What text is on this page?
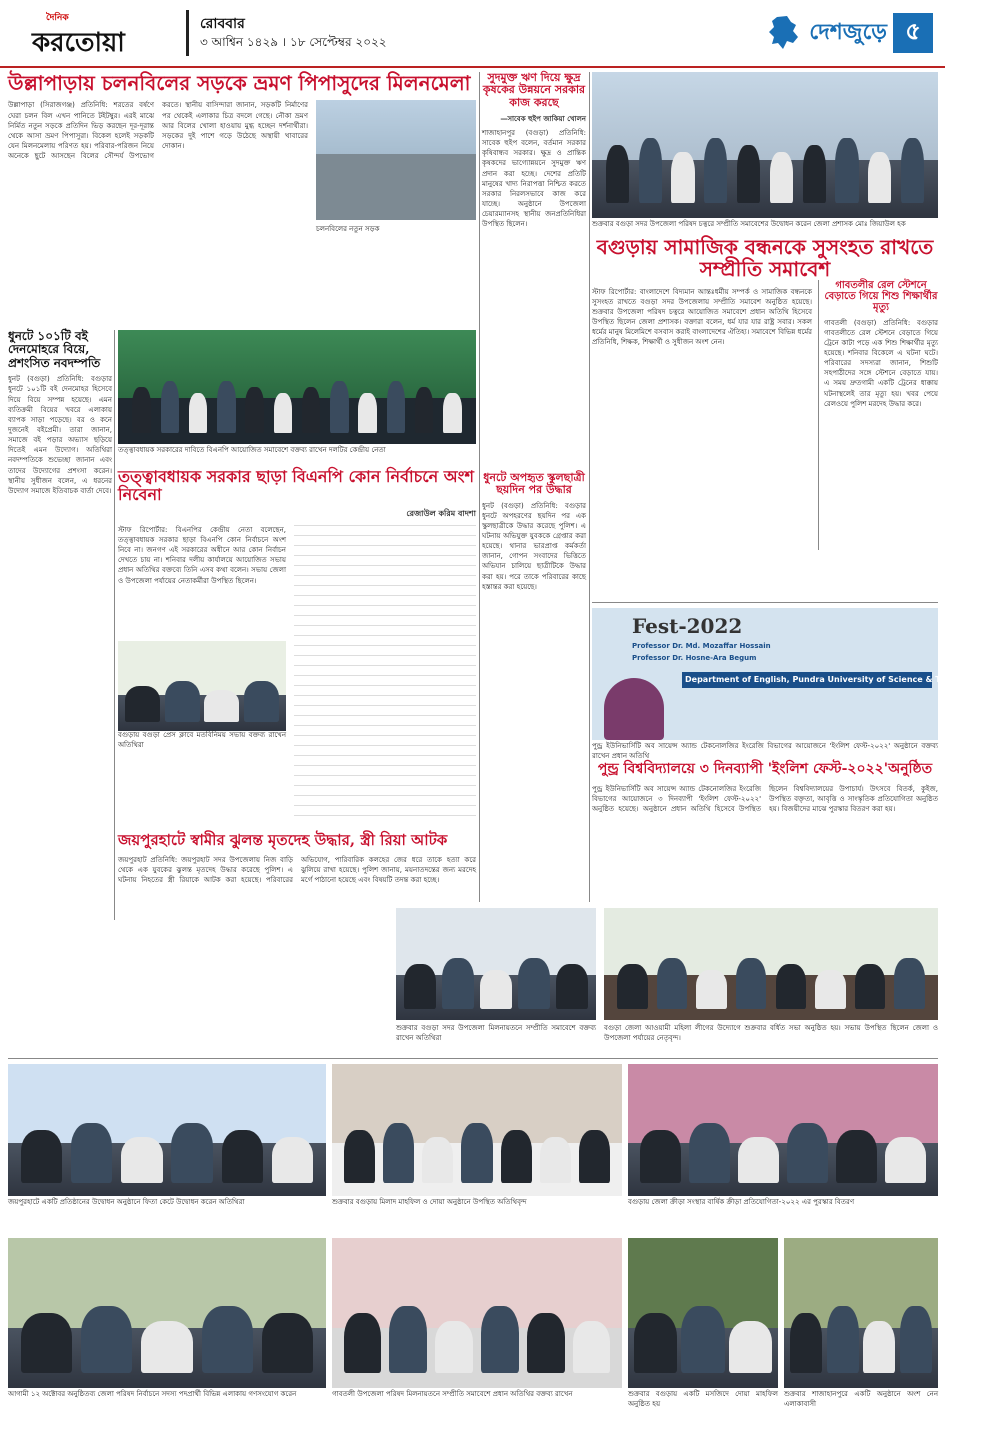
দৈনিক
করতোয়া
রোববার
৩ আশ্বিন ১৪২৯ । ১৮ সেপ্টেম্বর ২০২২	দেশজুড়ে ৫
উল্লাপাড়ায় চলনবিলের সড়কে ভ্রমণ পিপাসুদের মিলনমেলা

উল্লাপাড়া (সিরাজগঞ্জ) প্রতিনিধি: শরতের বর্ষণে ঘেরা চলন বিল এখন পানিতে টইটম্বুর। এরই মাঝে নির্মিত নতুন সড়কে প্রতিদিন ভিড় করছেন দূর-দূরান্ত থেকে আসা ভ্রমণ পিপাসুরা। বিকেল হলেই সড়কটি যেন মিলনমেলায় পরিণত হয়। পরিবার-পরিজন নিয়ে অনেকে ছুটে আসছেন বিলের সৌন্দর্য উপভোগ করতে। স্থানীয় বাসিন্দারা জানান, সড়কটি নির্মাণের পর থেকেই এলাকার চিত্র বদলে গেছে। নৌকা ভ্রমণ আর বিলের খোলা হাওয়ায় মুগ্ধ হচ্ছেন দর্শনার্থীরা। সড়কের দুই পাশে গড়ে উঠেছে অস্থায়ী খাবারের দোকান।

চলনবিলের নতুন সড়ক

সুদমুক্ত ঋণ দিয়ে ক্ষুদ্র কৃষকের উন্নয়নে সরকার কাজ করছে
—সাবেক হুইপ জাকিয়া খোলন

শাজাহানপুর (বগুড়া) প্রতিনিধি: সাবেক হুইপ বলেন, বর্তমান সরকার কৃষিবান্ধব সরকার। ক্ষুদ্র ও প্রান্তিক কৃষকদের ভাগ্যোন্নয়নে সুদমুক্ত ঋণ প্রদান করা হচ্ছে। দেশের প্রতিটি মানুষের খাদ্য নিরাপত্তা নিশ্চিত করতে সরকার নিরলসভাবে কাজ করে যাচ্ছে। অনুষ্ঠানে উপজেলা চেয়ারম্যানসহ স্থানীয় জনপ্রতিনিধিরা উপস্থিত ছিলেন।	শুক্রবার বগুড়া সদর উপজেলা পরিষদ চত্বরে সম্প্রীতি সমাবেশের উদ্বোধন করেন জেলা প্রশাসক মোঃ জিয়াউল হক

বগুড়ায় সামাজিক বন্ধনকে সুসংহত রাখতে সম্প্রীতি সমাবেশ

স্টাফ রিপোর্টার: বাংলাদেশে বিদ্যমান আন্তঃধর্মীয় সম্পর্ক ও সামাজিক বন্ধনকে সুসংহত রাখতে বগুড়া সদর উপজেলায় সম্প্রীতি সমাবেশ অনুষ্ঠিত হয়েছে। শুক্রবার উপজেলা পরিষদ চত্বরে আয়োজিত সমাবেশে প্রধান অতিথি হিসেবে উপস্থিত ছিলেন জেলা প্রশাসক। বক্তারা বলেন, ধর্ম যার যার রাষ্ট্র সবার। সকল ধর্মের মানুষ মিলেমিশে বসবাস করাই বাংলাদেশের ঐতিহ্য। সমাবেশে বিভিন্ন ধর্মের প্রতিনিধি, শিক্ষক, শিক্ষার্থী ও সুধীজন অংশ নেন।

গাবতলীর রেল স্টেশনে বেড়াতে গিয়ে শিশু শিক্ষার্থীর মৃত্যু

গাবতলী (বগুড়া) প্রতিনিধি: বগুড়ার গাবতলীতে রেল স্টেশনে বেড়াতে গিয়ে ট্রেনে কাটা পড়ে এক শিশু শিক্ষার্থীর মৃত্যু হয়েছে। শনিবার বিকেলে এ ঘটনা ঘটে। পরিবারের সদস্যরা জানান, শিশুটি সহপাঠীদের সঙ্গে স্টেশনে বেড়াতে যায়। এ সময় দ্রুতগামী একটি ট্রেনের ধাক্কায় ঘটনাস্থলেই তার মৃত্যু হয়। খবর পেয়ে রেলওয়ে পুলিশ মরদেহ উদ্ধার করে।

ধুনটে ১০১টি বই দেনমোহরে বিয়ে, প্রশংসিত নবদম্পতি

ধুনট (বগুড়া) প্রতিনিধি: বগুড়ার ধুনটে ১০১টি বই দেনমোহর হিসেবে দিয়ে বিয়ে সম্পন্ন হয়েছে। এমন ব্যতিক্রমী বিয়ের খবরে এলাকায় ব্যাপক সাড়া পড়েছে। বর ও কনে দুজনেই বইপ্রেমী। তারা জানান, সমাজে বই পড়ার অভ্যাস ছড়িয়ে দিতেই এমন উদ্যোগ। অতিথিরা নবদম্পতিকে শুভেচ্ছা জানান এবং তাদের উদ্যোগের প্রশংসা করেন। স্থানীয় সুধীজন বলেন, এ ধরনের উদ্যোগ সমাজে ইতিবাচক বার্তা দেবে।

তত্ত্বাবধায়ক সরকারের দাবিতে বিএনপি আয়োজিত সমাবেশে বক্তব্য রাখেন দলটির কেন্দ্রীয় নেতা

তত্ত্বাবধায়ক সরকার ছাড়া বিএনপি কোন নির্বাচনে অংশ নিবেনা
রেজাউল করিম বাদশা

স্টাফ রিপোর্টার: বিএনপির কেন্দ্রীয় নেতা বলেছেন, তত্ত্বাবধায়ক সরকার ছাড়া বিএনপি কোন নির্বাচনে অংশ নিবে না। জনগণ এই সরকারের অধীনে আর কোন নির্বাচন দেখতে চায় না। শনিবার দলীয় কার্যালয়ে আয়োজিত সভায় প্রধান অতিথির বক্তব্যে তিনি এসব কথা বলেন। সভায় জেলা ও উপজেলা পর্যায়ের নেতাকর্মীরা উপস্থিত ছিলেন।

বগুড়ায় বগুড়া প্রেস ক্লাবে মতবিনিময় সভায় বক্তব্য রাখেন অতিথিরা

ধুনটে অপহৃত স্কুলছাত্রী ছয়দিন পর উদ্ধার

ধুনট (বগুড়া) প্রতিনিধি: বগুড়ার ধুনটে অপহরণের ছয়দিন পর এক স্কুলছাত্রীকে উদ্ধার করেছে পুলিশ। এ ঘটনায় অভিযুক্ত যুবককে গ্রেপ্তার করা হয়েছে। থানার ভারপ্রাপ্ত কর্মকর্তা জানান, গোপন সংবাদের ভিত্তিতে অভিযান চালিয়ে ছাত্রীটিকে উদ্ধার করা হয়। পরে তাকে পরিবারের কাছে হস্তান্তর করা হয়েছে।

Fest-2022
Professor Dr. Md. Mozaffar Hossain
Professor Dr. Hosne-Ara Begum
Department of English, Pundra University of Science & Technology

পুন্ড্র ইউনিভার্সিটি অব সায়েন্স অ্যান্ড টেকনোলজির ইংরেজি বিভাগের আয়োজনে 'ইংলিশ ফেস্ট-২০২২' অনুষ্ঠানে বক্তব্য রাখেন প্রধান অতিথি

পুন্ড্র বিশ্ববিদ্যালয়ে ৩ দিনব্যাপী 'ইংলিশ ফেস্ট-২০২২'অনুষ্ঠিত

পুন্ড্র ইউনিভার্সিটি অব সায়েন্স অ্যান্ড টেকনোলজির ইংরেজি বিভাগের আয়োজনে ৩ দিনব্যাপী 'ইংলিশ ফেস্ট-২০২২' অনুষ্ঠিত হয়েছে। অনুষ্ঠানে প্রধান অতিথি হিসেবে উপস্থিত ছিলেন বিশ্ববিদ্যালয়ের উপাচার্য। উৎসবে বিতর্ক, কুইজ, উপস্থিত বক্তৃতা, আবৃত্তি ও সাংস্কৃতিক প্রতিযোগিতা অনুষ্ঠিত হয়। বিজয়ীদের মাঝে পুরস্কার বিতরণ করা হয়।

জয়পুরহাটে স্বামীর ঝুলন্ত মৃতদেহ উদ্ধার, স্ত্রী রিয়া আটক

জয়পুরহাট প্রতিনিধি: জয়পুরহাট সদর উপজেলায় নিজ বাড়ি থেকে এক যুবকের ঝুলন্ত মৃতদেহ উদ্ধার করেছে পুলিশ। এ ঘটনায় নিহতের স্ত্রী রিয়াকে আটক করা হয়েছে। পরিবারের অভিযোগ, পারিবারিক কলহের জের ধরে তাকে হত্যা করে ঝুলিয়ে রাখা হয়েছে। পুলিশ জানায়, ময়নাতদন্তের জন্য মরদেহ মর্গে পাঠানো হয়েছে এবং বিষয়টি তদন্ত করা হচ্ছে।

শুক্রবার বগুড়া সদর উপজেলা মিলনায়তনে সম্প্রীতি সমাবেশে বক্তব্য রাখেন অতিথিরা

বগুড়া জেলা আওয়ামী মহিলা লীগের উদ্যোগে শুক্রবার বর্ধিত সভা অনুষ্ঠিত হয়। সভায় উপস্থিত ছিলেন জেলা ও উপজেলা পর্যায়ের নেতৃবৃন্দ।

জয়পুরহাটে একটি প্রতিষ্ঠানের উদ্বোধন অনুষ্ঠানে ফিতা কেটে উদ্বোধন করেন অতিথিরা	শুক্রবার বগুড়ায় মিলাদ মাহফিল ও দোয়া অনুষ্ঠানে উপস্থিত অতিথিবৃন্দ	বগুড়ায় জেলা ক্রীড়া সংস্থার বার্ষিক ক্রীড়া প্রতিযোগিতা-২০২২ এর পুরস্কার বিতরণ

আগামী ১২ অক্টোবর অনুষ্ঠিতব্য জেলা পরিষদ নির্বাচনে সদস্য পদপ্রার্থী বিভিন্ন এলাকায় গণসংযোগ করেন	গাবতলী উপজেলা পরিষদ মিলনায়তনে সম্প্রীতি সমাবেশে প্রধান অতিথির বক্তব্য রাখেন	শুক্রবার বগুড়ায় একটি মসজিদে দোয়া মাহফিল অনুষ্ঠিত হয়

শুক্রবার শাজাহানপুরে একটি অনুষ্ঠানে অংশ নেন এলাকাবাসী
